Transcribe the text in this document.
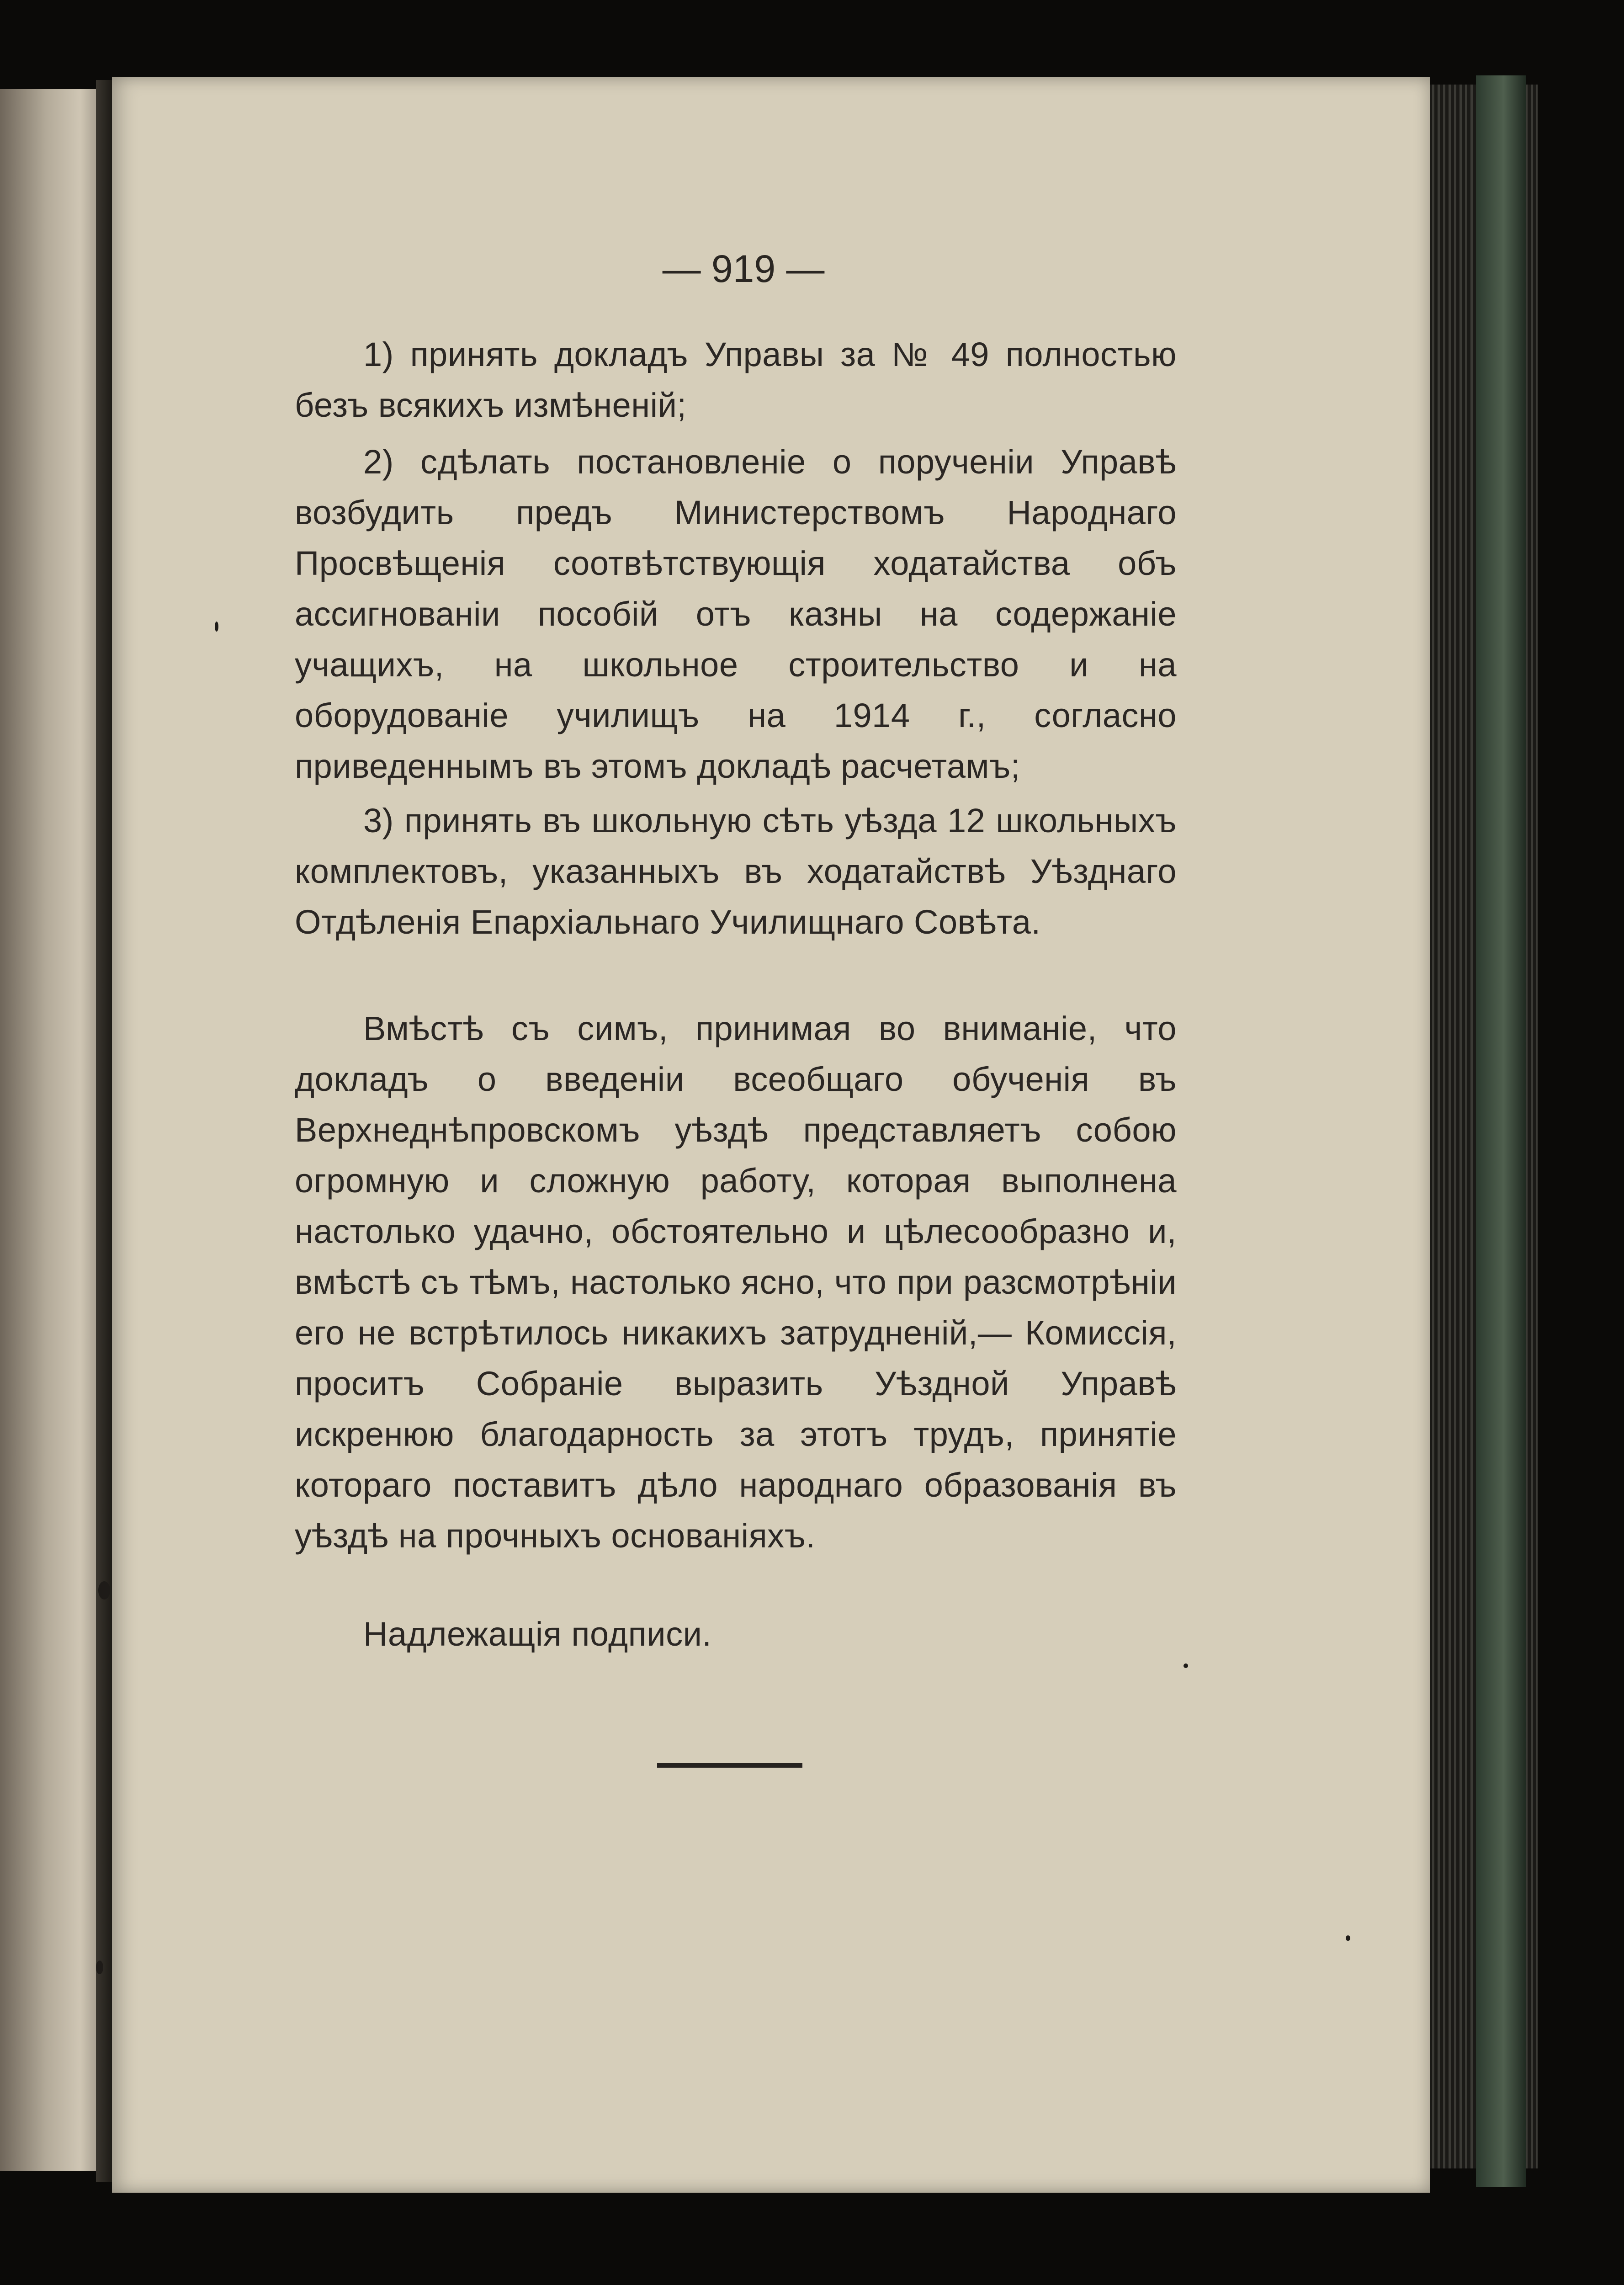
— 919 —

1) принять докладъ Управы за № 49 полностью безъ всякихъ измѣненій;

2) сдѣлать постановленіе о порученіи Управѣ возбудить предъ Министерствомъ Народнаго Просвѣщенія соотвѣтствующія ходатайства объ ассигнованіи пособій отъ казны на содержаніе учащихъ, на школьное строительство и на оборудованіе училищъ на 1914 г., согласно приведеннымъ въ этомъ докладѣ расчетамъ;

3) принять въ школьную сѣть уѣзда 12 школьныхъ комплектовъ, указанныхъ въ ходатайствѣ Уѣзднаго Отдѣленія Епархіальнаго Училищнаго Совѣта.

Вмѣстѣ съ симъ, принимая во вниманіе, что докладъ о введеніи всеобщаго обученія въ Верхнеднѣпровскомъ уѣздѣ представляетъ собою огромную и сложную работу, которая выполнена настолько удачно, обстоятельно и цѣлесообразно и, вмѣстѣ съ тѣмъ, настолько ясно, что при разсмотрѣніи его не встрѣтилось никакихъ затрудненій,— Комиссія, проситъ Собраніе выразить Уѣздной Управѣ искренюю благодарность за этотъ трудъ, принятіе котораго поставитъ дѣло народнаго образованія въ уѣздѣ на прочныхъ основаніяхъ.

Надлежащія подписи.
